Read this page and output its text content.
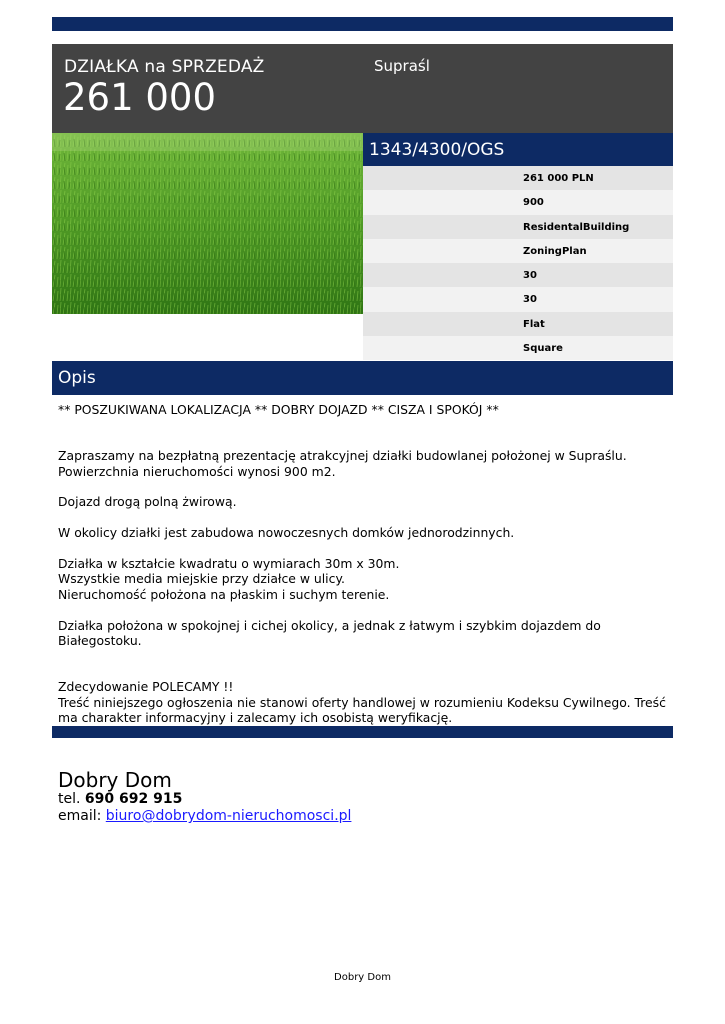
DZIAŁKA na SPRZEDAŻ
261 000
Supraśl
1343/4300/OGS
261 000 PLN
900
ResidentalBuilding
ZoningPlan
30
30
Flat
Square
Opis

** POSZUKIWANA LOKALIZACJA ** DOBRY DOJAZD ** CISZA I SPOKÓJ **

Zapraszamy na bezpłatną prezentację atrakcyjnej działki budowlanej położonej w Supraślu.
Powierzchnia nieruchomości wynosi 900 m2.

Dojazd drogą polną żwirową.

W okolicy działki jest zabudowa nowoczesnych domków jednorodzinnych.

Działka w kształcie kwadratu o wymiarach 30m x 30m.
Wszystkie media miejskie przy działce w ulicy.
Nieruchomość położona na płaskim i suchym terenie.

Działka położona w spokojnej i cichej okolicy, a jednak z łatwym i szybkim dojazdem do
Białegostoku.

Zdecydowanie POLECAMY !!
Treść niniejszego ogłoszenia nie stanowi oferty handlowej w rozumieniu Kodeksu Cywilnego. Treść
ma charakter informacyjny i zalecamy ich osobistą weryfikację.

Dobry Dom
tel. 690 692 915
email: biuro@dobrydom-nieruchomosci.pl
Dobry Dom
